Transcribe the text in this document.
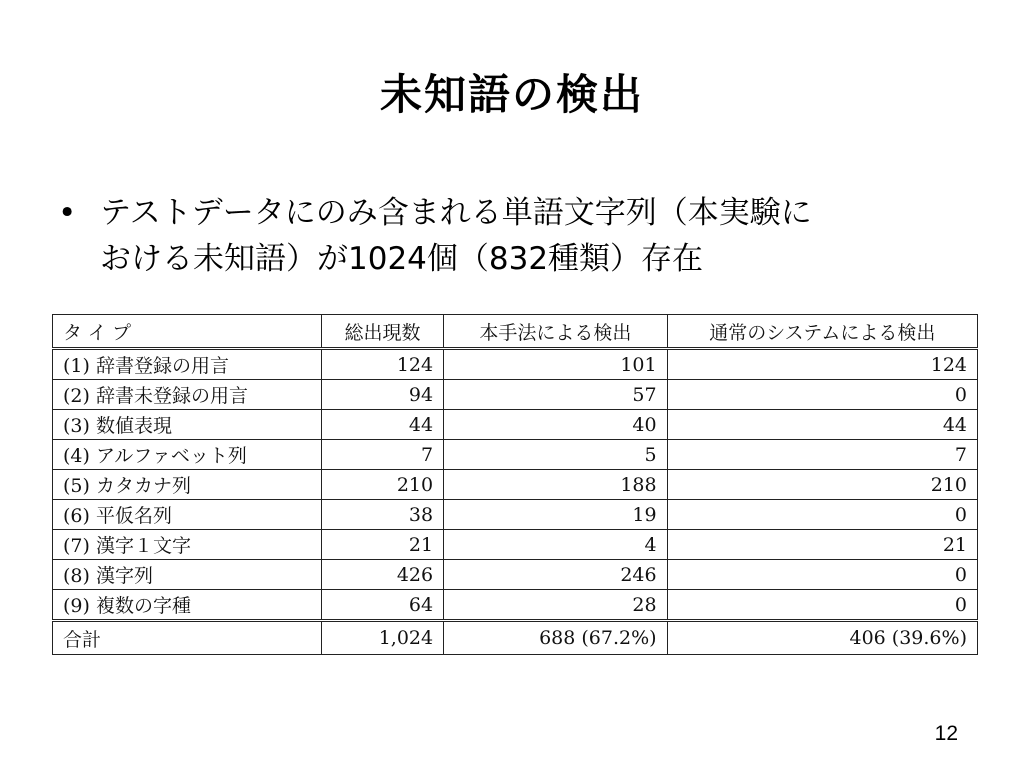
未知語の検出
• テストデータにのみ含まれる単語文字列（本実験に
おける未知語）が1024個（832種類）存在
タイプ	総出現数	本手法による検出	通常のシステムによる検出
(1) 辞書登録の用言	124	101	124
(2) 辞書未登録の用言	94	57	0
(3) 数値表現	44	40	44
(4) アルファベット列	7	5	7
(5) カタカナ列	210	188	210
(6) 平仮名列	38	19	0
(7) 漢字１文字	21	4	21
(8) 漢字列	426	246	0
(9) 複数の字種	64	28	0
合計	1,024	688 (67.2%)	406 (39.6%)
12
